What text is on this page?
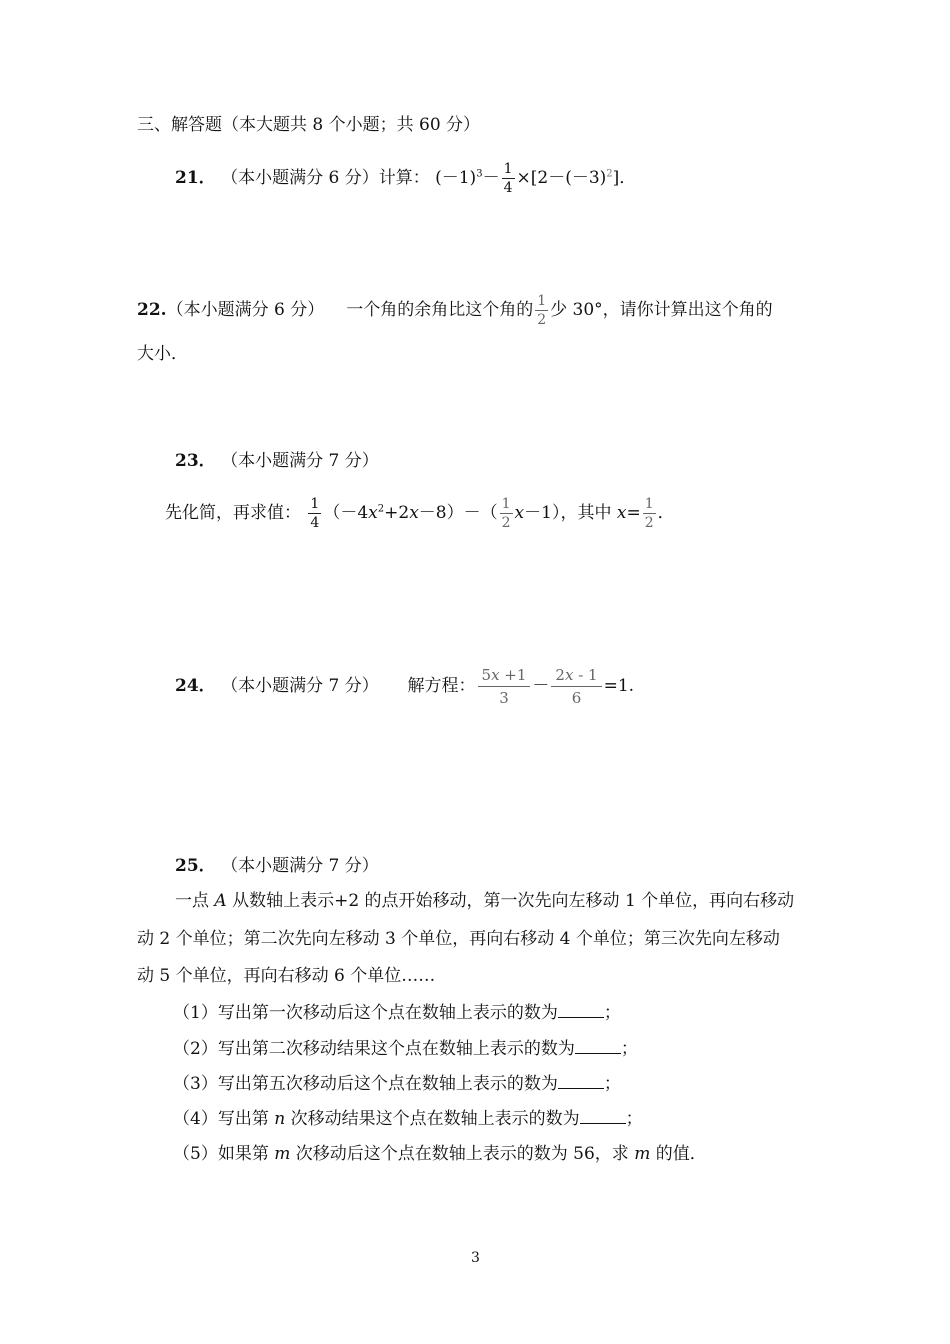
三、解答题（本大题共 8 个小题；共 60 分）
21． （本小题满分 6 分）计算： $(-1)^3- \frac{1}{4} \times[2-(-3)^2]$．
22.（本小题满分 6 分） 一个角的余角比这个角的 $\frac{1}{2}$ 少 30°，请你计算出这个角的
大小．
23． （本小题满分 7 分）
先化简，再求值： $\frac{1}{4} (-4x^2+2x-8)-( \frac{1}{2} x-1)$，其中 $x= \frac{1}{2}$ ．
24． （本小题满分 7 分） 解方程： $\frac{5x +1}{3} - \frac{2x - 1}{6} =1$.
25． （本小题满分 7 分）
一点 A 从数轴上表示+2 的点开始移动，第一次先向左移动 1 个单位，再向右移动
动 2 个单位；第二次先向左移动 3 个单位，再向右移动 4 个单位；第三次先向左移动
动 5 个单位，再向右移动 6 个单位……
（1）写出第一次移动后这个点在数轴上表示的数为	；
（2）写出第二次移动结果这个点在数轴上表示的数为	；
（3）写出第五次移动后这个点在数轴上表示的数为	；
（4）写出第 n 次移动结果这个点在数轴上表示的数为	；
（5）如果第 m 次移动后这个点在数轴上表示的数为 56，求 m 的值．
3
